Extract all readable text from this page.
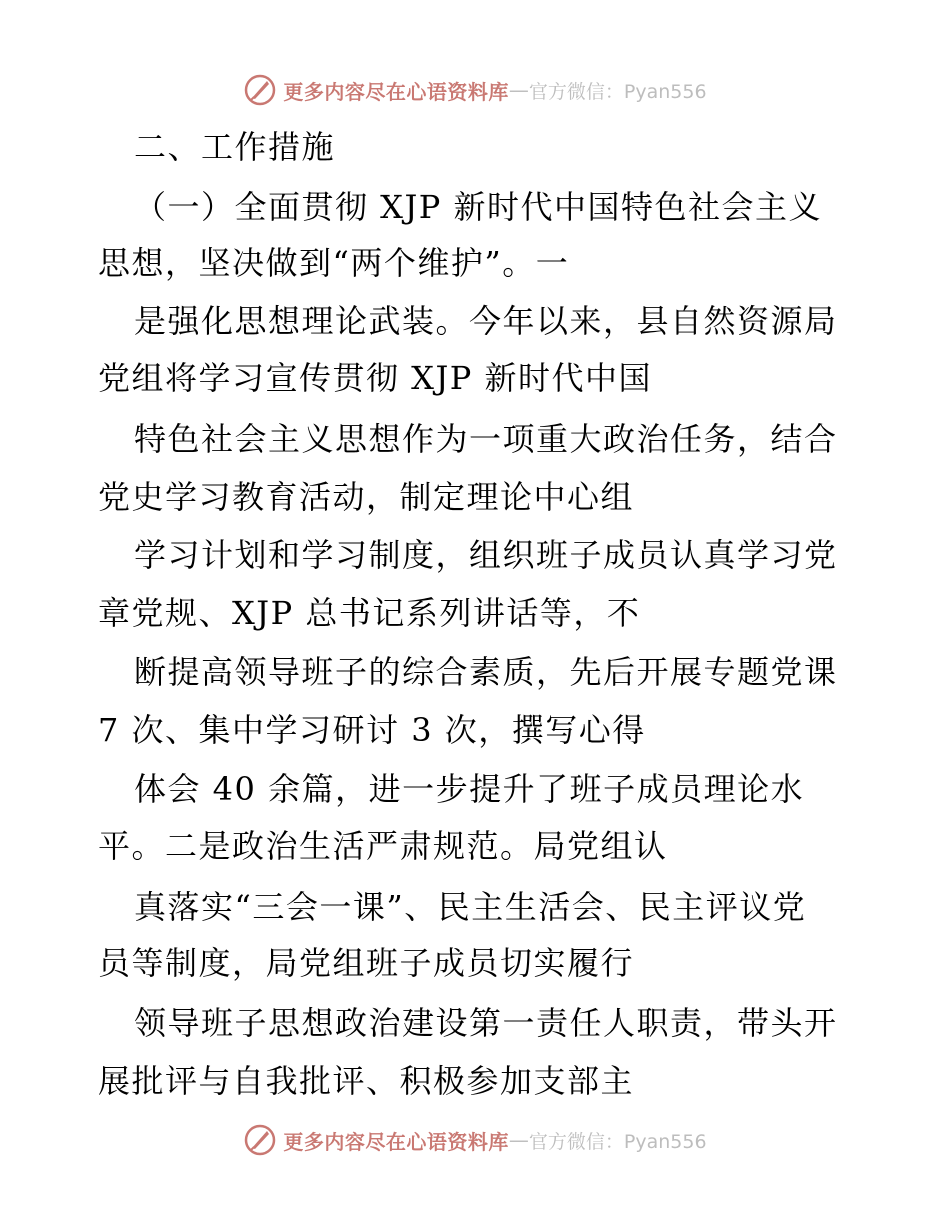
更多内容尽在心语资料库 — 官方微信：Pyan556
二、工作措施
（一）全面贯彻 XJP 新时代中国特色社会主义
思想，坚决做到“两个维护”。一
是强化思想理论武装。今年以来，县自然资源局
党组将学习宣传贯彻 XJP 新时代中国
特色社会主义思想作为一项重大政治任务，结合
党史学习教育活动，制定理论中心组
学习计划和学习制度，组织班子成员认真学习党
章党规、XJP 总书记系列讲话等，不
断提高领导班子的综合素质，先后开展专题党课
7 次、集中学习研讨 3 次，撰写心得
体会 40 余篇，进一步提升了班子成员理论水
平。二是政治生活严肃规范。局党组认
真落实“三会一课”、民主生活会、民主评议党
员等制度，局党组班子成员切实履行
领导班子思想政治建设第一责任人职责，带头开
展批评与自我批评、积极参加支部主
更多内容尽在心语资料库 — 官方微信：Pyan556
